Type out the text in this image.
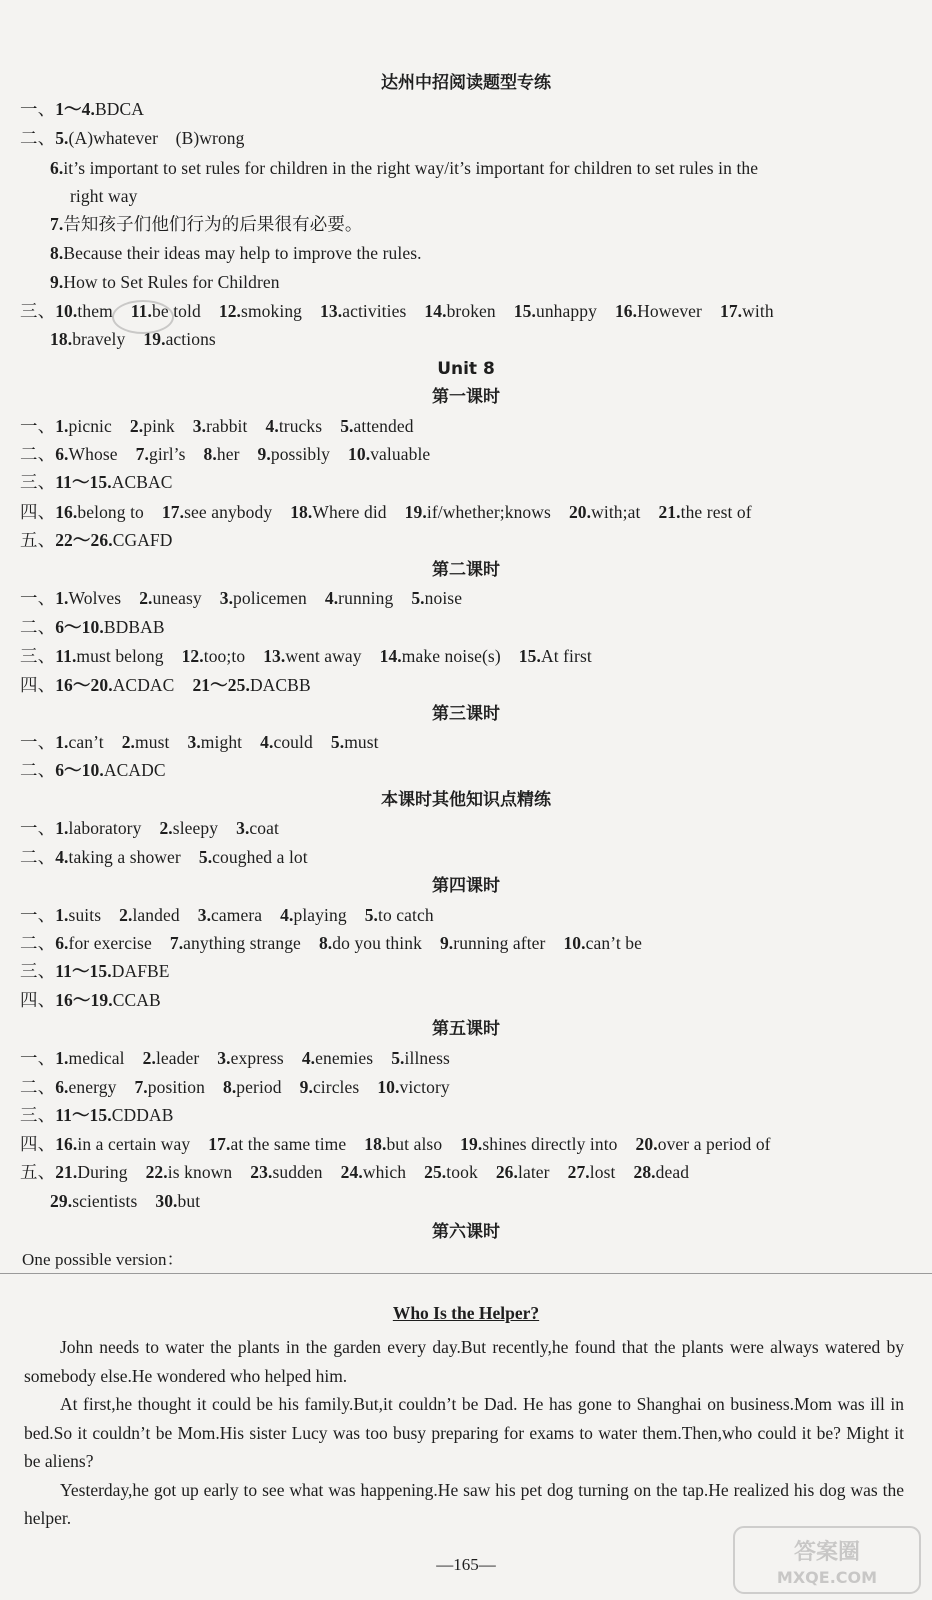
达州中招阅读题型专练
一、1～4.BDCA
二、5.(A)whatever　(B)wrong
6.it’s important to set rules for children in the right way/it’s important for children to set rules in the
right way
7.告知孩子们他们行为的后果很有必要。
8.Because their ideas may help to improve the rules.
9.How to Set Rules for Children
三、10.them 11.be told 12.smoking 13.activities 14.broken 15.unhappy 16.However 17.with
18.bravely 19.actions
Unit 8
第一课时
一、1.picnic 2.pink 3.rabbit 4.trucks 5.attended
二、6.Whose 7.girl’s 8.her 9.possibly 10.valuable
三、11～15.ACBAC
四、16.belong to 17.see anybody 18.Where did 19.if/whether;knows 20.with;at 21.the rest of
五、22～26.CGAFD
第二课时
一、1.Wolves 2.uneasy 3.policemen 4.running 5.noise
二、6～10.BDBAB
三、11.must belong 12.too;to 13.went away 14.make noise(s) 15.At first
四、16～20.ACDAC 21～25.DACBB
第三课时
一、1.can’t 2.must 3.might 4.could 5.must
二、6～10.ACADC
本课时其他知识点精练
一、1.laboratory 2.sleepy 3.coat
二、4.taking a shower 5.coughed a lot
第四课时
一、1.suits 2.landed 3.camera 4.playing 5.to catch
二、6.for exercise 7.anything strange 8.do you think 9.running after 10.can’t be
三、11～15.DAFBE
四、16～19.CCAB
第五课时
一、1.medical 2.leader 3.express 4.enemies 5.illness
二、6.energy 7.position 8.period 9.circles 10.victory
三、11～15.CDDAB
四、16.in a certain way 17.at the same time 18.but also 19.shines directly into 20.over a period of
五、21.During 22.is known 23.sudden 24.which 25.took 26.later 27.lost 28.dead
29.scientists 30.but
第六课时
One possible version：
Who Is the Helper?

John needs to water the plants in the garden every day.But recently,he found that the plants were always watered by somebody else.He wondered who helped him.

At first,he thought it could be his family.But,it couldn’t be Dad. He has gone to Shanghai on business.Mom was ill in bed.So it couldn’t be Mom.His sister Lucy was too busy preparing for exams to water them.Then,who could it be? Might it be aliens?

Yesterday,he got up early to see what was happening.He saw his pet dog turning on the tap.He realized his dog was the helper.

—165—	答案圈
MXQE.COM
